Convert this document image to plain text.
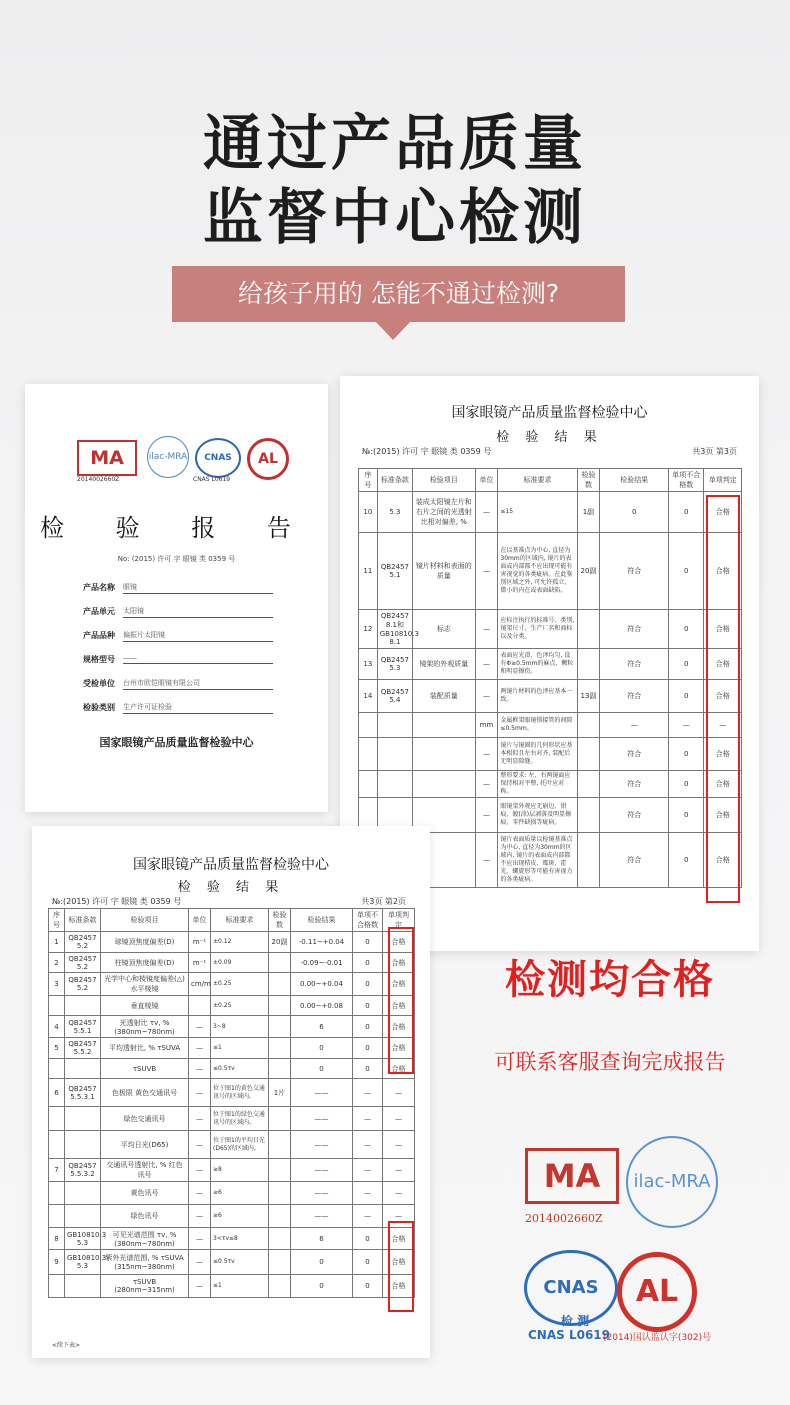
通过产品质量
监督中心检测
给孩子用的 怎能不通过检测?
MA	ilac-MRA	CNAS	AL
2014002660Z	CNAS L0619
检 验 报 告
No: (2015) 许可 字 眼镜 类 0359 号
产品名称 眼镜
产品单元 太阳镜
产品品种 偏振片太阳镜
规格型号 ——
受检单位 台州市欧恺眼镜有限公司
检验类别 生产许可证检验
国家眼镜产品质量监督检验中心
国家眼镜产品质量监督检验中心
检 验 结 果
№:(2015) 许可 字 眼镜 类 0359 号	共3页 第3页
序号	标准条款	检验项目	单位	标准要求	检验数	检验结果	单项不合格数	单项判定
10	5.3	装成太阳镜左片和右片之间的光透射比相对偏差, %	—	≤15	1副	0	0	合格
11	QB2457 5.1	镜片材料和表面的质量	—	在以基准点为中心, 直径为30mm的区域内, 镜片的表面或内部都不应出现可能有害视觉的各类疵病。在此鉴别区域之外, 可允许孤立、微小的内在或表面缺陷。	20副	符合	0	合格
12	QB2457 8.1和GB10810.3 8.1	标志	—	应标注执行的标准号、类别, 镜架尺寸、生产厂名和商标以及分类。		符合	0	合格
13	QB2457 5.3	镜架的外观质量	—	表面应光滑、色泽均匀, 没有Φ≥0.5mm的麻点、颗粒和明显擦伤。		符合	0	合格
14	QB2457 5.4	装配质量	—	两镜片材料的色泽应基本一致。	13副	符合	0	合格
			mm	金属框架眼镜锁接管的间隙≤0.5mm。		—	—	—
			—	镜片与镜圈的几何形状应基本相似且左右对齐, 装配后无明显隙缝。		符合	0	合格
			—	整形要求: 左、右两镜面应保持相对平整, 托叶应对称。		符合	0	合格
			—	眼镜架外观应无崩边、钳痕、镀(涂)层剥落及明显擦痕、零件缺损等疵病。		符合	0	合格
			—	镜片表面质量以检镜基准点为中心, 直径为30mm的区域内, 镜片的表面或内部都不应出现桔皮、霉斑、霍光、螺旋形等可能有害视力的各类疵病。		符合	0	合格
国家眼镜产品质量监督检验中心
检 验 结 果
№:(2015) 许可 字 眼镜 类 0359 号	共3页 第2页
序号	标准条款	检验项目	单位	标准要求	检验数	检验结果	单项不合格数	单项判定
1	QB2457 5.2	球镜顶焦度偏差(D)	m⁻¹	±0.12	20副	-0.11~+0.04	0	合格
2	QB2457 5.2	柱镜顶焦度偏差(D)	m⁻¹	±0.09		-0.09~-0.01	0	合格
3	QB2457 5.2	光学中心和棱镜度偏差(△) 水平棱镜	cm/m	±0.25		0.00~+0.04	0	合格
		垂直棱镜		±0.25		0.00~+0.08	0	合格
4	QB2457 5.5.1	光透射比 τv, % (380nm~780nm)	—	3~8		6	0	合格
5	QB2457 5.5.2	平均透射比, % τSUVA	—	≤1		0	0	合格
		τSUVB	—	≤0.5τv		0	0	合格
6	QB2457 5.5.3.1	色极限 黄色交通讯号	—	位于图1的黄色交通讯号的区域内。	1片	——	—	—
		绿色交通讯号	—	位于图1的绿色交通讯号的区域内。		——	—	—
		平均日光(D65)	—	位于图1的平均日光(D65)的区域内。		——	—	—
7	QB2457 5.5.3.2	交通讯号透射比, % 红色讯号	—	≥8		——	—	—
		黄色讯号	—	≥6		——	—	—
		绿色讯号	—	≥6		——	—	—
8	GB10810.3 5.3	可见光谱范围 τv, % (380nm~780nm)	—	3<τv≤8		6	0	合格
9	GB10810.3 5.3	紫外光谱范围, % τSUVA (315nm~380nm)	—	≤0.5τv		0	0	合格
		τSUVB (280nm~315nm)	—	≤1		0	0	合格
<续下表>
检测均合格
可联系客服查询完成报告
MA
2014002660Z
ilac-MRA
CNAS
检 测
AL
CNAS L0619
(2014)国认监认字(302)号
